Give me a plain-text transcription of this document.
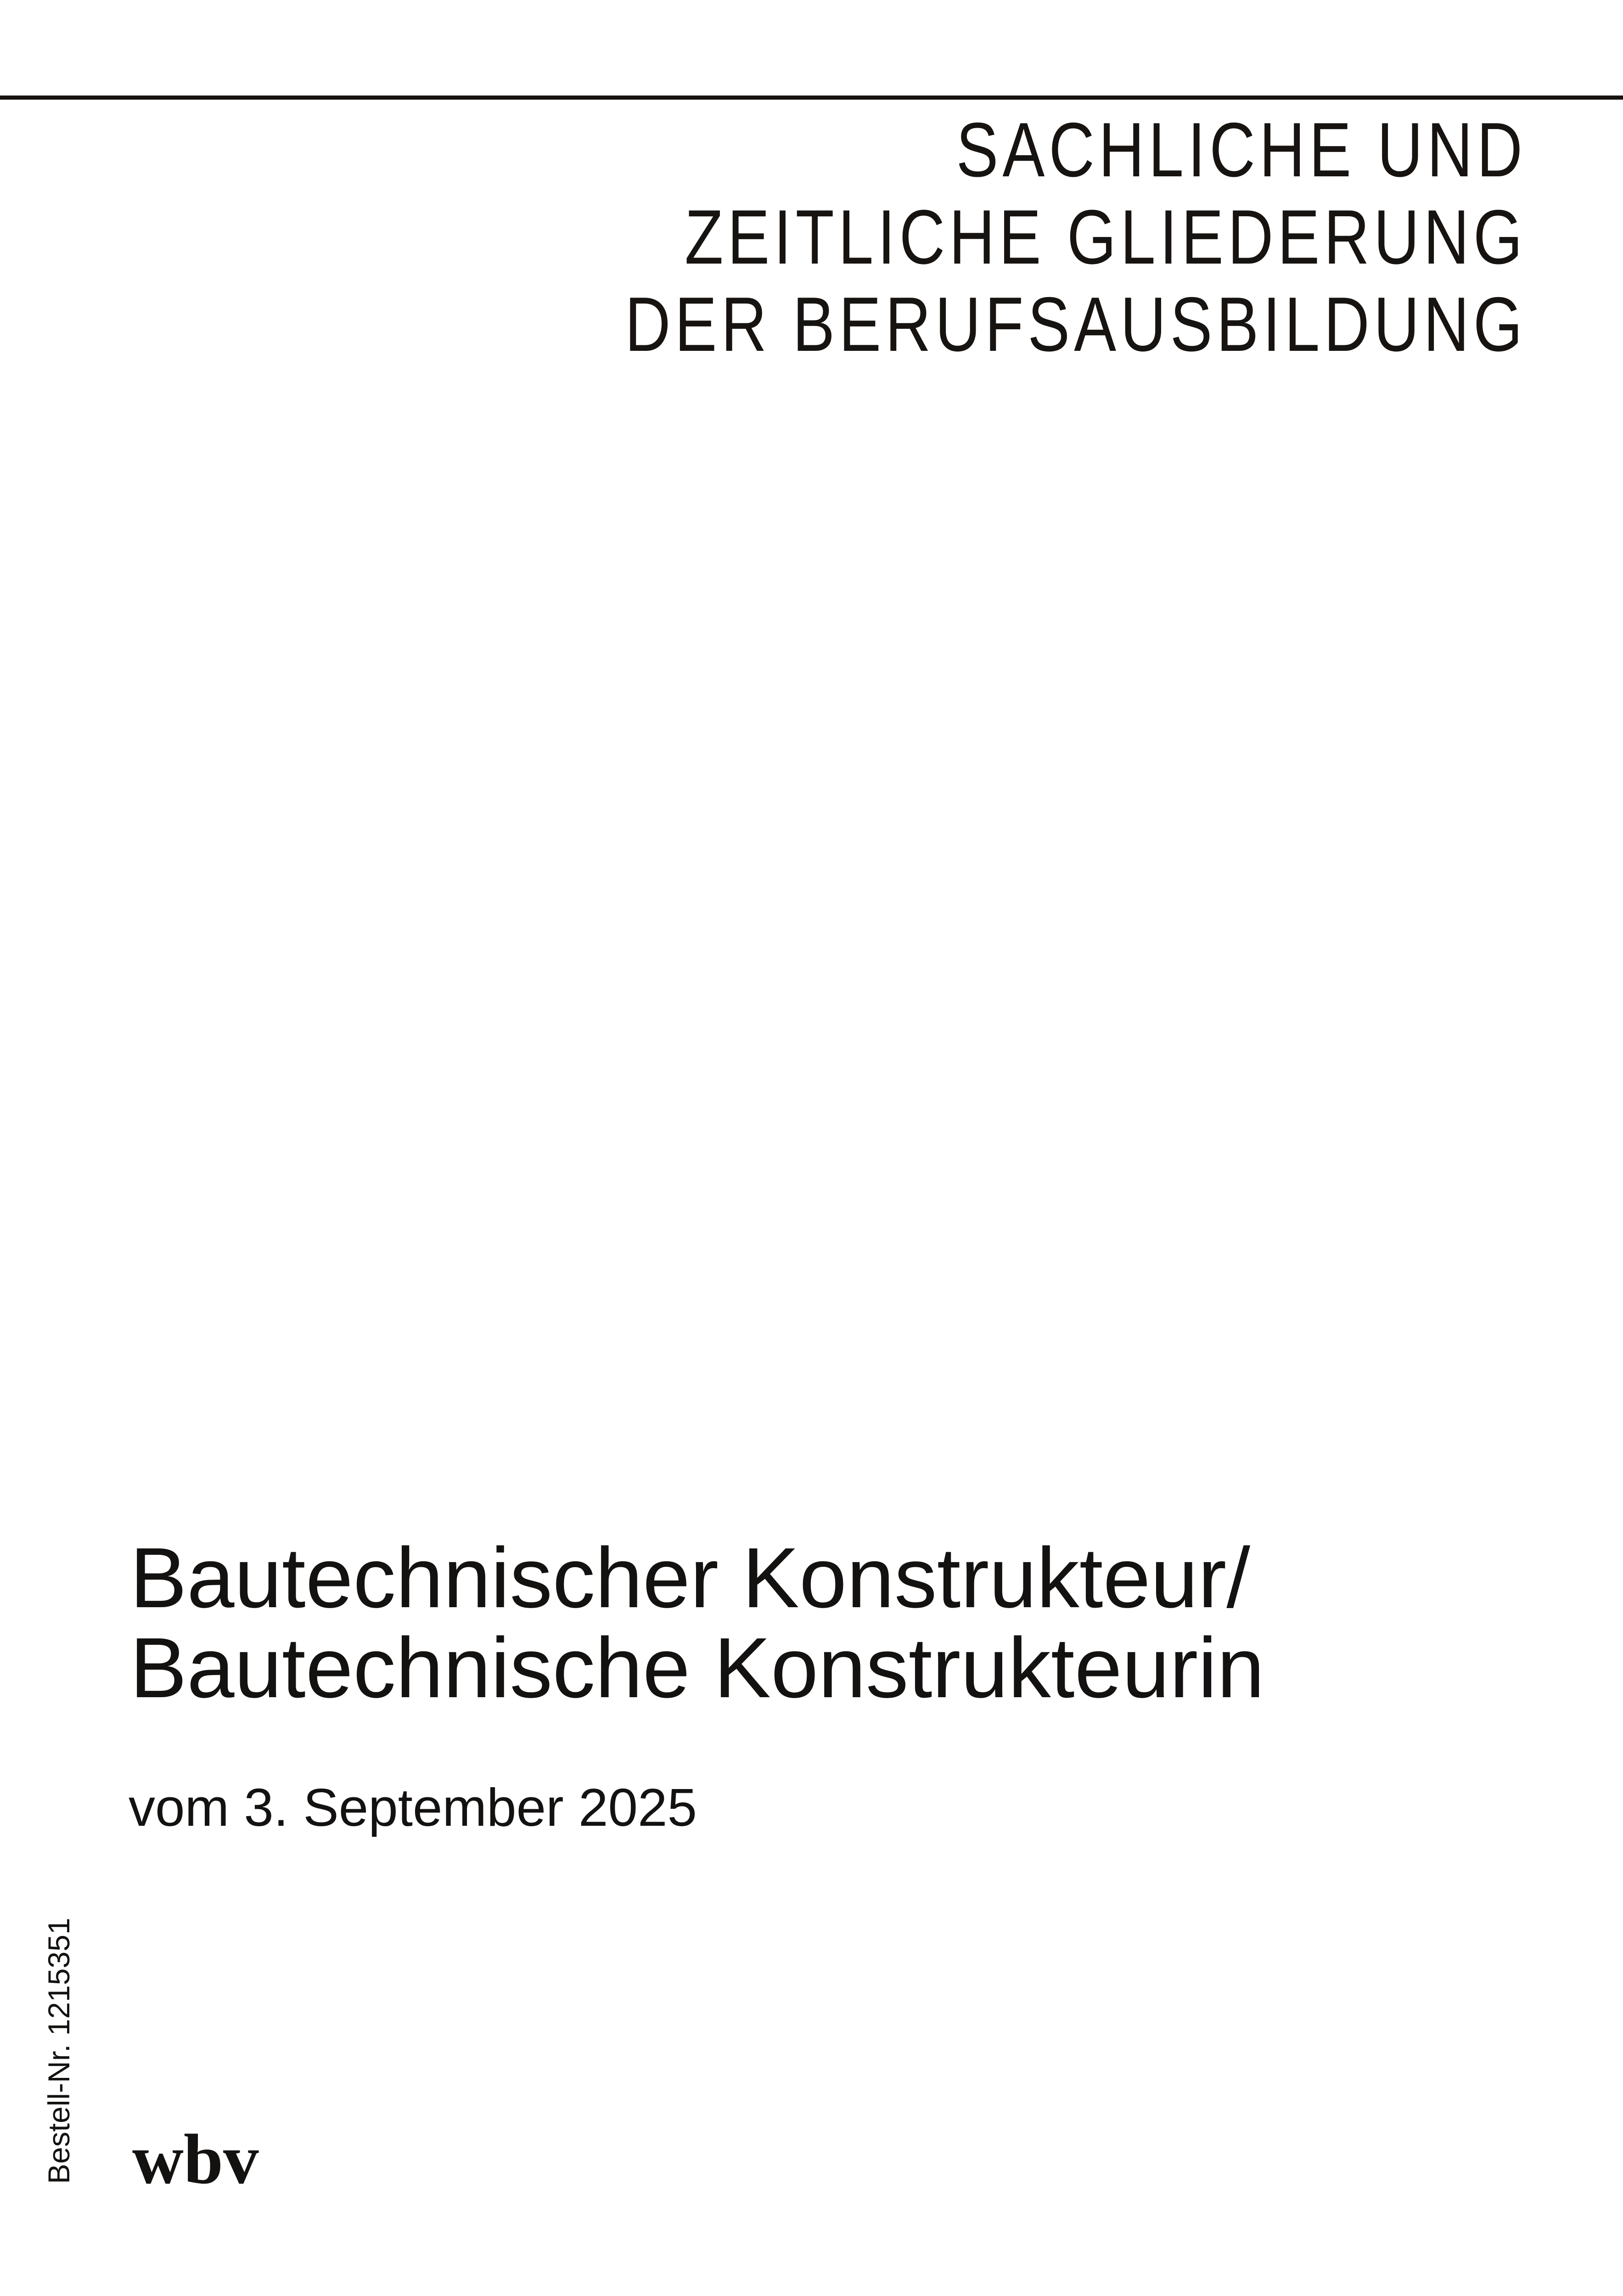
SACHLICHE UND
ZEITLICHE GLIEDERUNG
DER BERUFSAUSBILDUNG
Bautechnischer Konstrukteur/
Bautechnische Konstrukteurin
vom 3. September 2025
Bestell-Nr. 1215351 wbv
